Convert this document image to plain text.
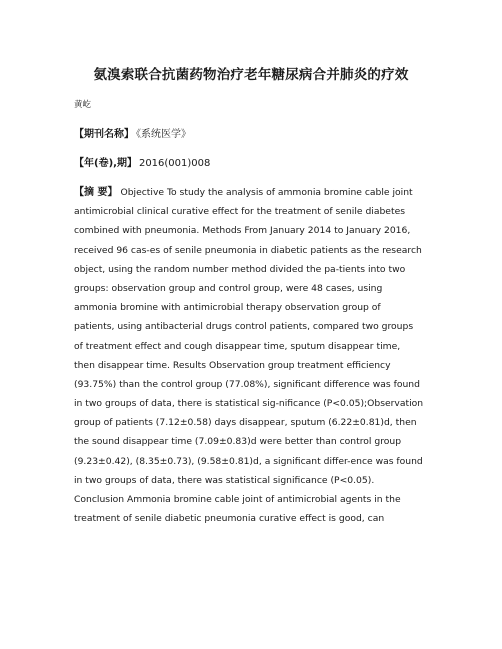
氨溴索联合抗菌药物治疗老年糖尿病合并肺炎的疗效
黄屹
【期刊名称】 《系统医学》
【年(卷),期】 2016(001)008
【摘 要】 Objective To study the analysis of ammonia bromine cable joint
antimicrobial clinical curative effect for the treatment of senile diabetes
combined with pneumonia. Methods From January 2014 to January 2016,
received 96 cas-es of senile pneumonia in diabetic patients as the research
object, using the random number method divided the pa-tients into two
groups: observation group and control group, were 48 cases, using
ammonia bromine with antimicrobial therapy observation group of
patients, using antibacterial drugs control patients, compared two groups
of treatment effect and cough disappear time, sputum disappear time,
then disappear time. Results Observation group treatment efficiency
(93.75%) than the control group (77.08%), significant difference was found
in two groups of data, there is statistical sig-nificance (P<0.05);Observation
group of patients (7.12±0.58) days disappear, sputum (6.22±0.81)d, then
the sound disappear time (7.09±0.83)d were better than control group
(9.23±0.42), (8.35±0.73), (9.58±0.81)d, a significant differ-ence was found
in two groups of data, there was statistical significance (P<0.05).
Conclusion Ammonia bromine cable joint of antimicrobial agents in the
treatment of senile diabetic pneumonia curative effect is good, can
